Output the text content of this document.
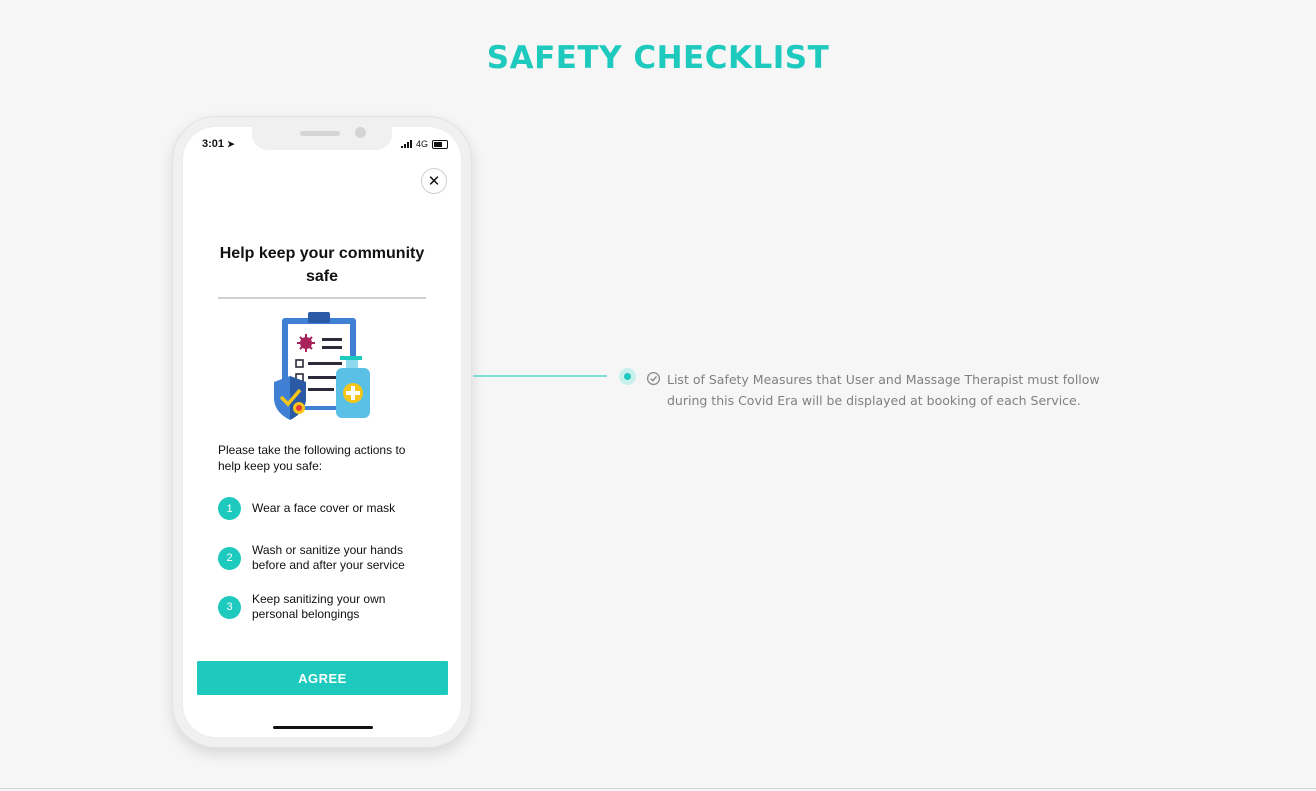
SAFETY CHECKLIST
3:01 ➤	4G
✕
Help keep your community safe
Please take the following actions to help keep you safe:
1	Wear a face cover or mask
2
Wash or sanitize your hands before and after your service
3
Keep sanitizing your own personal belongings
AGREE
List of Safety Measures that User and Massage Therapist must follow during this Covid Era will be displayed at booking of each Service.
